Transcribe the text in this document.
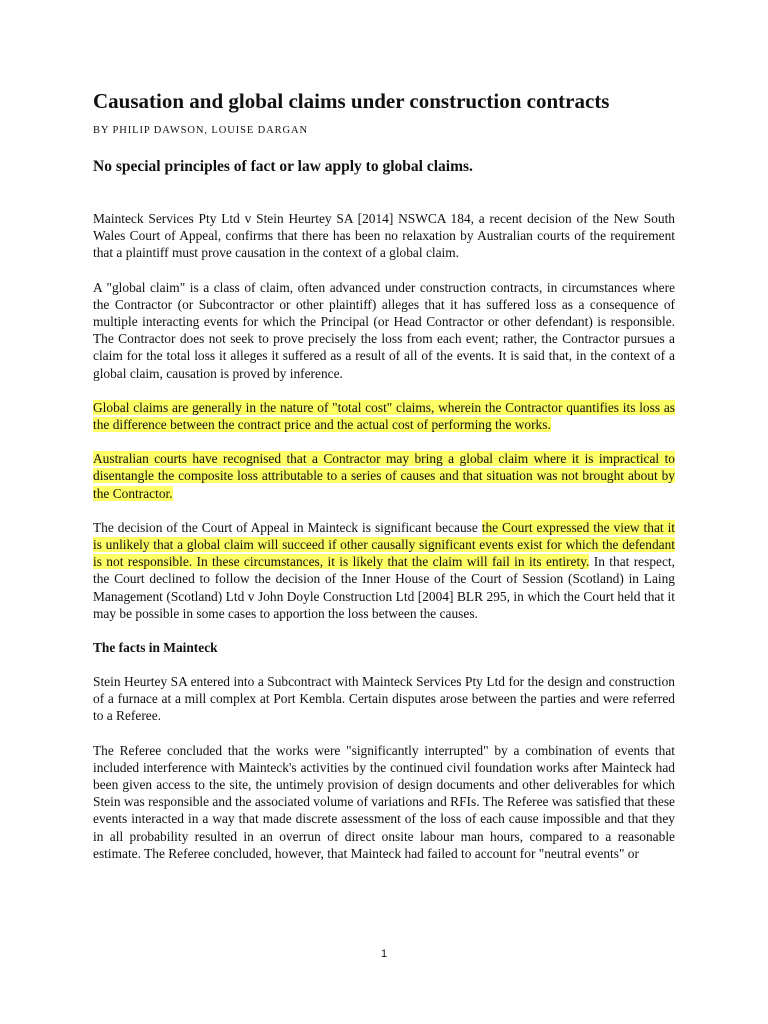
Causation and global claims under construction contracts
BY PHILIP DAWSON, LOUISE DARGAN
No special principles of fact or law apply to global claims.

Mainteck Services Pty Ltd v Stein Heurtey SA [2014] NSWCA 184, a recent decision of the New South Wales Court of Appeal, confirms that there has been no relaxation by Australian courts of the requirement that a plaintiff must prove causation in the context of a global claim.

A "global claim" is a class of claim, often advanced under construction contracts, in circumstances where the Contractor (or Subcontractor or other plaintiff) alleges that it has suffered loss as a consequence of multiple interacting events for which the Principal (or Head Contractor or other defendant) is responsible. The Contractor does not seek to prove precisely the loss from each event; rather, the Contractor pursues a claim for the total loss it alleges it suffered as a result of all of the events. It is said that, in the context of a global claim, causation is proved by inference.

Global claims are generally in the nature of "total cost" claims, wherein the Contractor quantifies its loss as the difference between the contract price and the actual cost of performing the works.

Australian courts have recognised that a Contractor may bring a global claim where it is impractical to disentangle the composite loss attributable to a series of causes and that situation was not brought about by the Contractor.

The decision of the Court of Appeal in Mainteck is significant because the Court expressed the view that it is unlikely that a global claim will succeed if other causally significant events exist for which the defendant is not responsible. In these circumstances, it is likely that the claim will fail in its entirety. In that respect, the Court declined to follow the decision of the Inner House of the Court of Session (Scotland) in Laing Management (Scotland) Ltd v John Doyle Construction Ltd [2004] BLR 295, in which the Court held that it may be possible in some cases to apportion the loss between the causes.

The facts in Mainteck

Stein Heurtey SA entered into a Subcontract with Mainteck Services Pty Ltd for the design and construction of a furnace at a mill complex at Port Kembla. Certain disputes arose between the parties and were referred to a Referee.

The Referee concluded that the works were "significantly interrupted" by a combination of events that included interference with Mainteck's activities by the continued civil foundation works after Mainteck had been given access to the site, the untimely provision of design documents and other deliverables for which Stein was responsible and the associated volume of variations and RFIs. The Referee was satisfied that these events interacted in a way that made discrete assessment of the loss of each cause impossible and that they in all probability resulted in an overrun of direct onsite labour man hours, compared to a reasonable estimate. The Referee concluded, however, that Mainteck had failed to account for "neutral events" or

1
